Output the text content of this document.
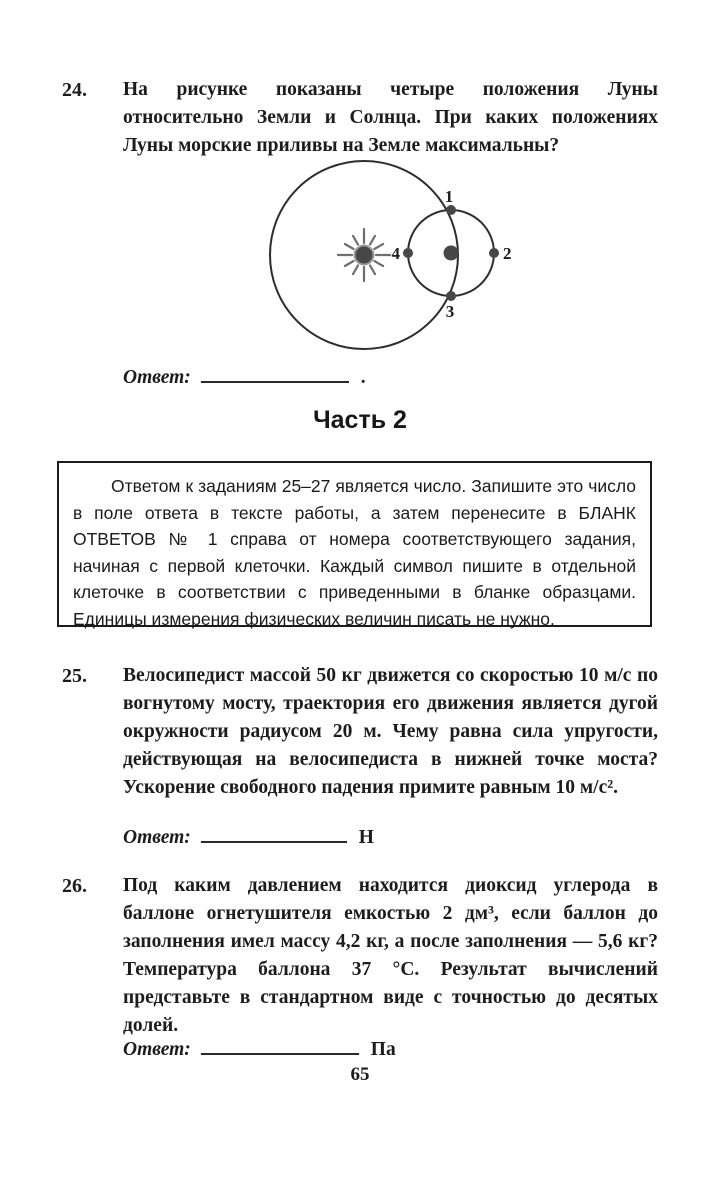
24.	На рисунке показаны четыре положения Луны относительно Земли и Солнца. При каких положениях Луны морские приливы на Земле максимальны?
1
2
3
4
Ответ:	.
Часть 2

Ответом к заданиям 25–27 является число. Запишите это число в поле ответа в тексте работы, а затем перенесите в БЛАНК ОТВЕТОВ № 1 справа от номера соответствующего задания, начиная с первой клеточки. Каждый символ пишите в отдельной клеточке в соответствии с приведенными в бланке образцами. Единицы измерения физических величин писать не нужно.

25.	Велосипедист массой 50 кг движется со скоростью 10 м/с по вогнутому мосту, траектория его движения является дугой окружности радиусом 20 м. Чему равна сила упругости, действующая на велосипедиста в нижней точке моста? Ускорение свободного падения примите равным 10 м/с².
Ответ:	Н
26.	Под каким давлением находится диоксид углерода в баллоне огнетушителя емкостью 2 дм³, если баллон до заполнения имел массу 4,2 кг, а после заполнения — 5,6 кг? Температура баллона 37 °С. Результат вычислений представьте в стандартном виде с точностью до десятых долей.
Ответ:	Па
65
